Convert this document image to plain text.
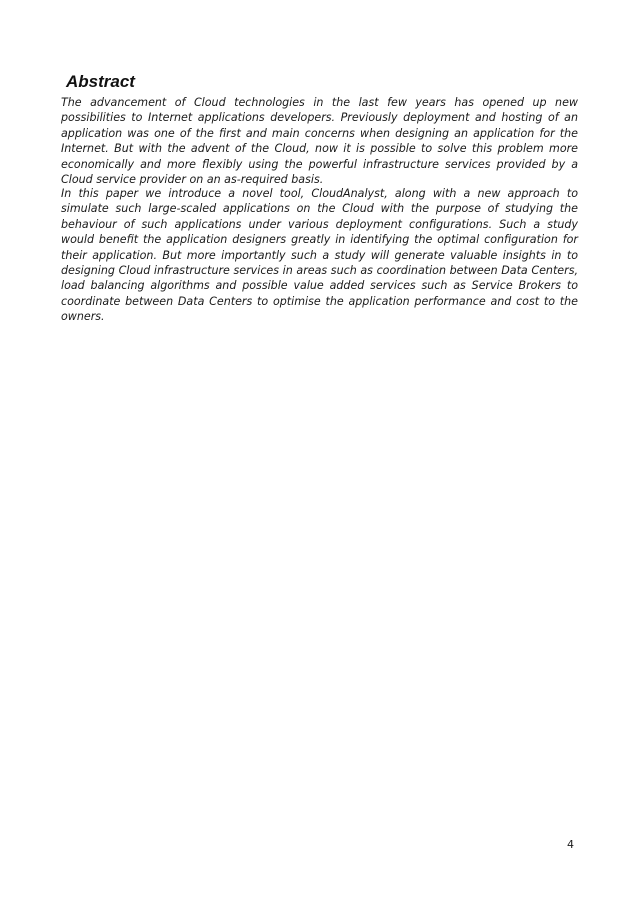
Abstract

The advancement of Cloud technologies in the last few years has opened up new possibilities to Internet applications developers. Previously deployment and hosting of an application was one of the first and main concerns when designing an application for the Internet. But with the advent of the Cloud, now it is possible to solve this problem more economically and more flexibly using the powerful infrastructure services provided by a Cloud service provider on an as-required basis.

In this paper we introduce a novel tool, CloudAnalyst, along with a new approach to simulate such large-scaled applications on the Cloud with the purpose of studying the behaviour of such applications under various deployment configurations. Such a study would benefit the application designers greatly in identifying the optimal configuration for their application. But more importantly such a study will generate valuable insights in to designing Cloud infrastructure services in areas such as coordination between Data Centers, load balancing algorithms and possible value added services such as Service Brokers to coordinate between Data Centers to optimise the application performance and cost to the owners.

4
